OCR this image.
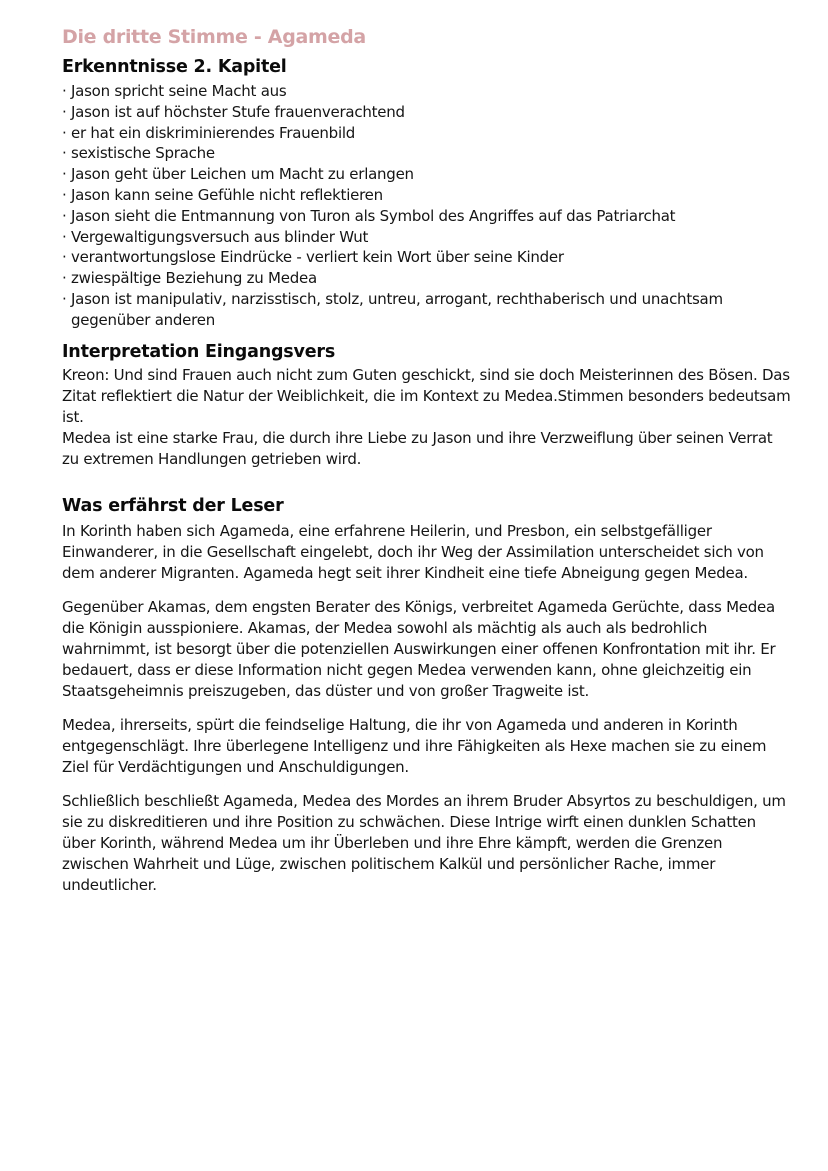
Die dritte Stimme - Agameda
Erkenntnisse 2. Kapitel
· Jason spricht seine Macht aus
· Jason ist auf höchster Stufe frauenverachtend
· er hat ein diskriminierendes Frauenbild
· sexistische Sprache
· Jason geht über Leichen um Macht zu erlangen
· Jason kann seine Gefühle nicht reflektieren
· Jason sieht die Entmannung von Turon als Symbol des Angriffes auf das Patriarchat
· Vergewaltigungsversuch aus blinder Wut
· verantwortungslose Eindrücke - verliert kein Wort über seine Kinder
· zwiespältige Beziehung zu Medea
· Jason ist manipulativ, narzisstisch, stolz, untreu, arrogant, rechthaberisch und unachtsam gegenüber anderen
Interpretation Eingangsvers

Kreon: Und sind Frauen auch nicht zum Guten geschickt, sind sie doch Meisterinnen des Bösen. Das Zitat reflektiert die Natur der Weiblichkeit, die im Kontext zu Medea.Stimmen besonders bedeutsam ist.

Medea ist eine starke Frau, die durch ihre Liebe zu Jason und ihre Verzweiflung über seinen Verrat zu extremen Handlungen getrieben wird.

Was erfährst der Leser

In Korinth haben sich Agameda, eine erfahrene Heilerin, und Presbon, ein selbstgefälliger Einwanderer, in die Gesellschaft eingelebt, doch ihr Weg der Assimilation unterscheidet sich von dem anderer Migranten. Agameda hegt seit ihrer Kindheit eine tiefe Abneigung gegen Medea.

Gegenüber Akamas, dem engsten Berater des Königs, verbreitet Agameda Gerüchte, dass Medea die Königin ausspioniere. Akamas, der Medea sowohl als mächtig als auch als bedrohlich wahrnimmt, ist besorgt über die potenziellen Auswirkungen einer offenen Konfrontation mit ihr. Er bedauert, dass er diese Information nicht gegen Medea verwenden kann, ohne gleichzeitig ein Staatsgeheimnis preiszugeben, das düster und von großer Tragweite ist.

Medea, ihrerseits, spürt die feindselige Haltung, die ihr von Agameda und anderen in Korinth entgegenschlägt. Ihre überlegene Intelligenz und ihre Fähigkeiten als Hexe machen sie zu einem Ziel für Verdächtigungen und Anschuldigungen.

Schließlich beschließt Agameda, Medea des Mordes an ihrem Bruder Absyrtos zu beschuldigen, um sie zu diskreditieren und ihre Position zu schwächen. Diese Intrige wirft einen dunklen Schatten über Korinth, während Medea um ihr Überleben und ihre Ehre kämpft, werden die Grenzen zwischen Wahrheit und Lüge, zwischen politischem Kalkül und persönlicher Rache, immer undeutlicher.
